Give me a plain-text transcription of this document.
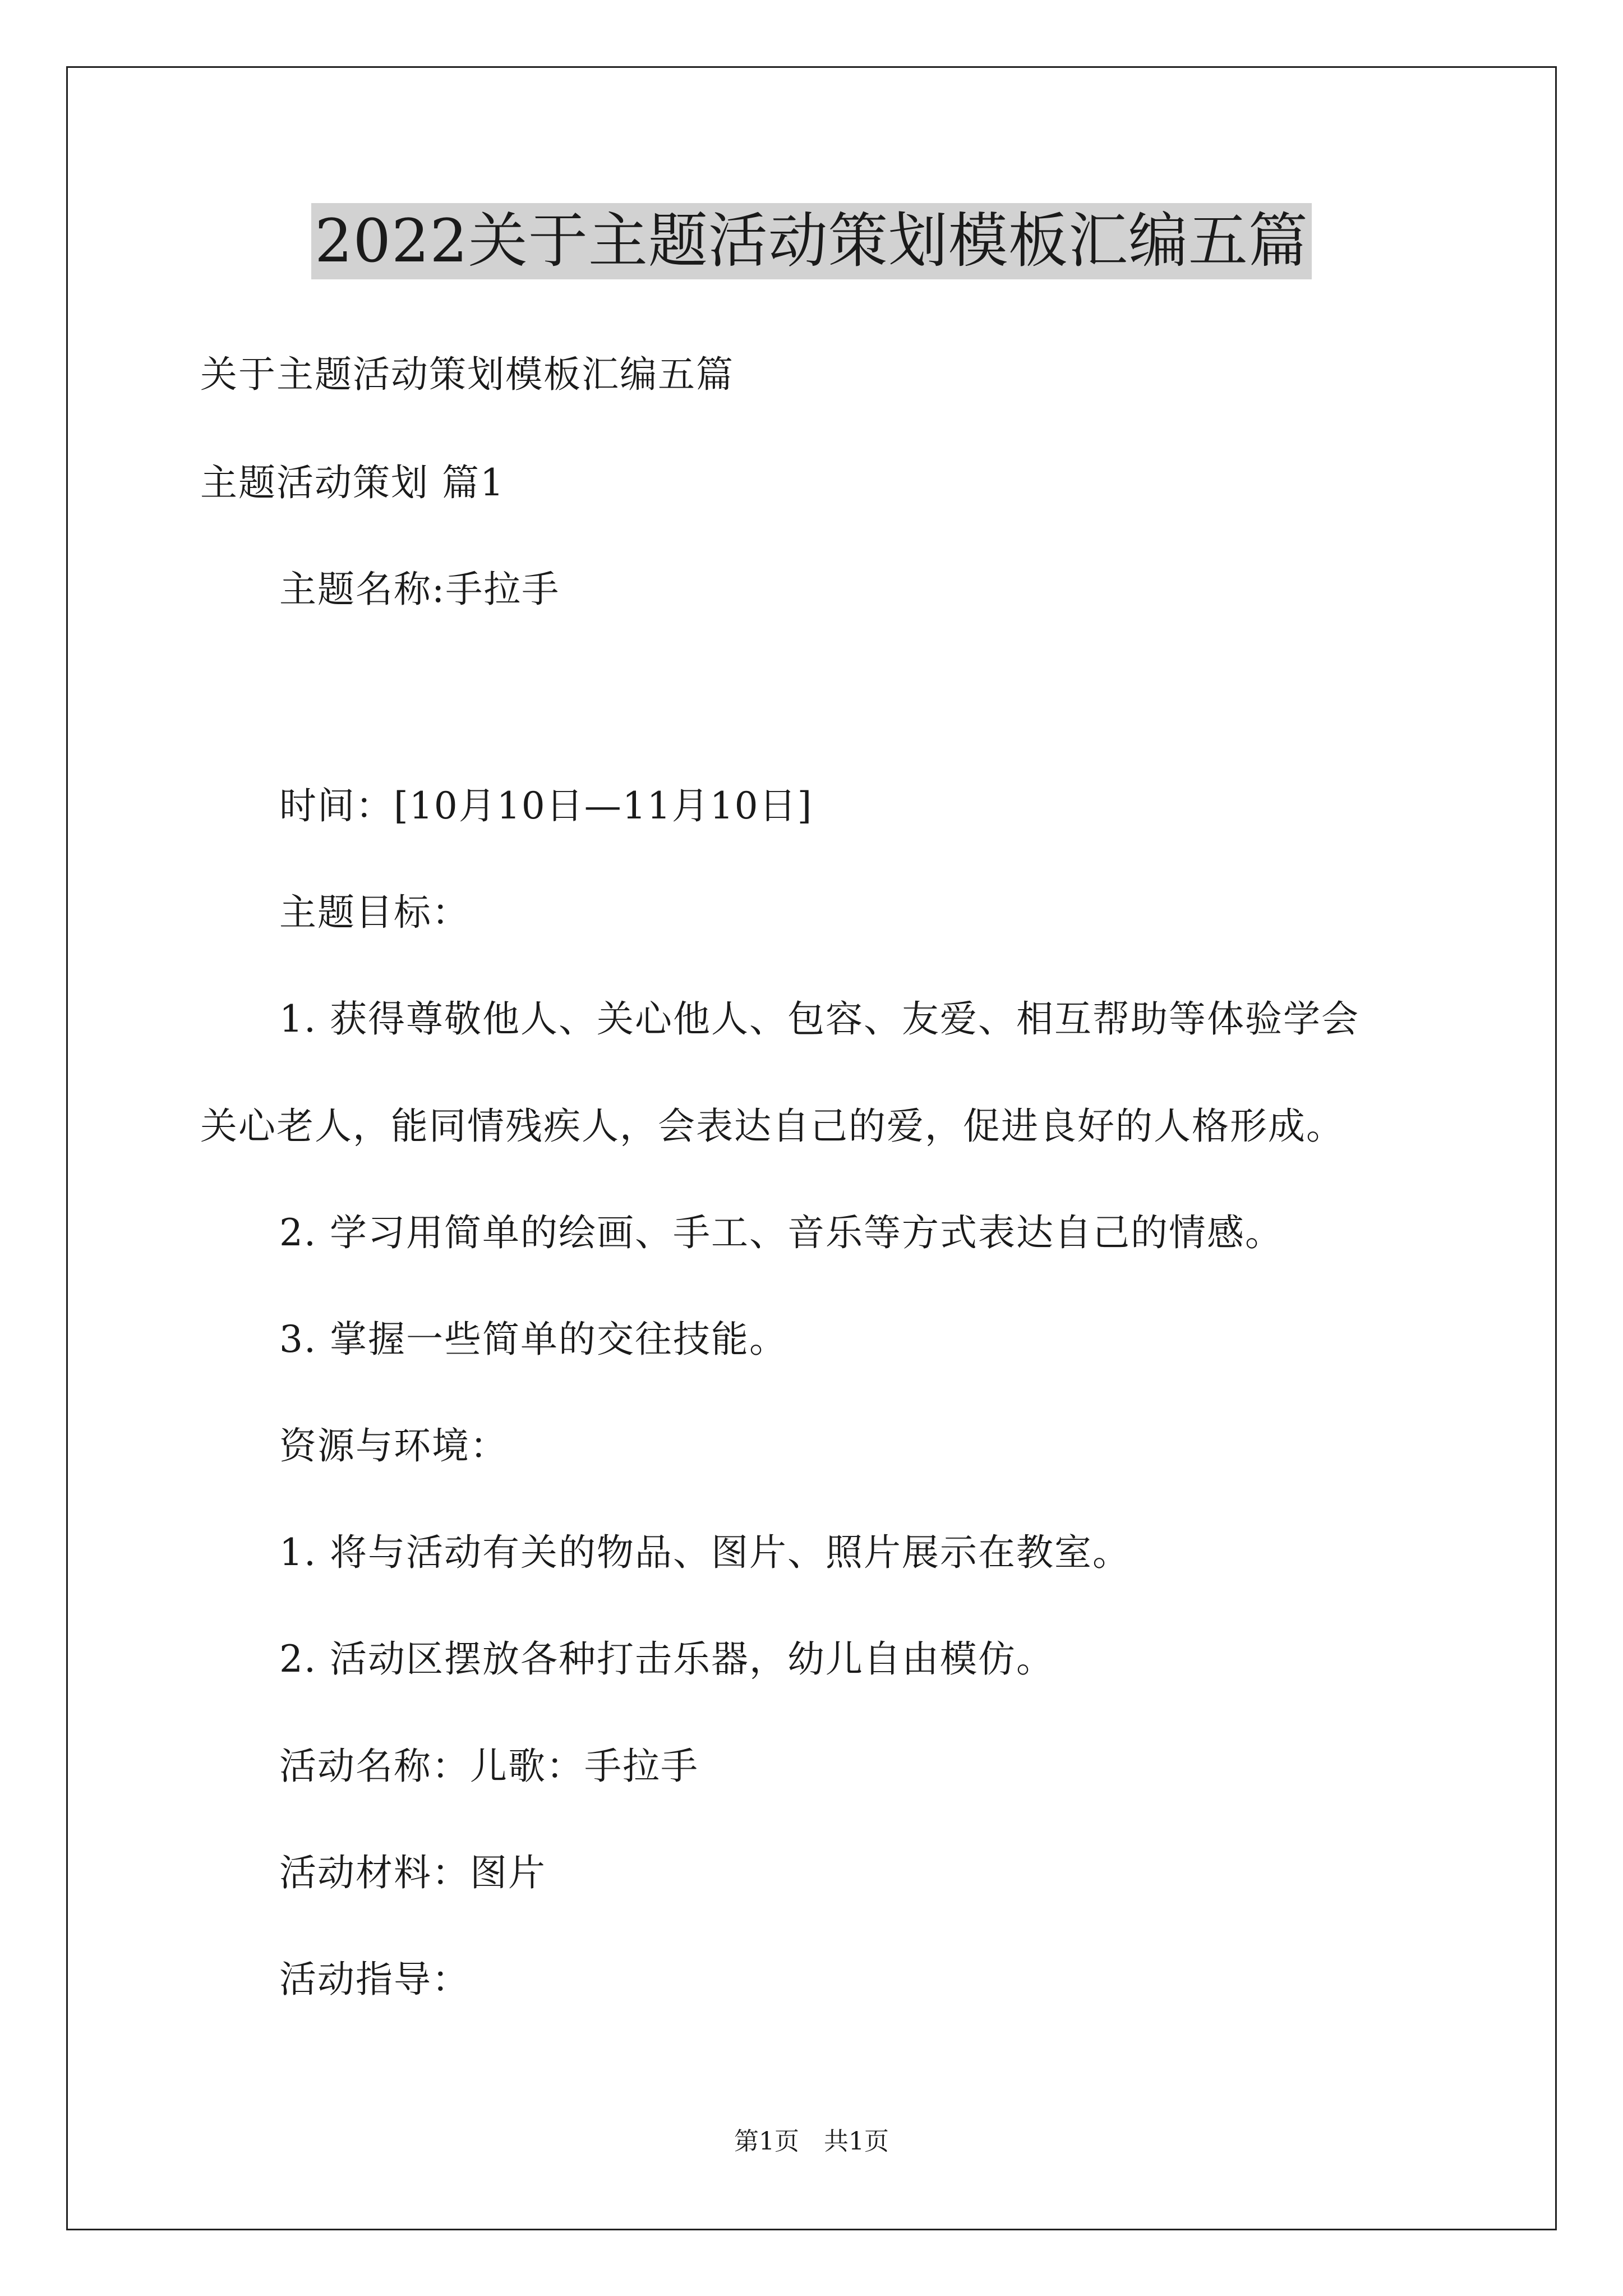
2022关于主题活动策划模板汇编五篇
关于主题活动策划模板汇编五篇
主题活动策划 篇1
主题名称:手拉手
时间：[10月10日—11月10日]
主题目标：
1. 获得尊敬他人、关心他人、包容、友爱、相互帮助等体验学会
关心老人，能同情残疾人，会表达自己的爱，促进良好的人格形成。
2. 学习用简单的绘画、手工、音乐等方式表达自己的情感。
3. 掌握一些简单的交往技能。
资源与环境：
1. 将与活动有关的物品、图片、照片展示在教室。
2. 活动区摆放各种打击乐器，幼儿自由模仿。
活动名称：儿歌：手拉手
活动材料：图片
活动指导：
第1页　共1页
